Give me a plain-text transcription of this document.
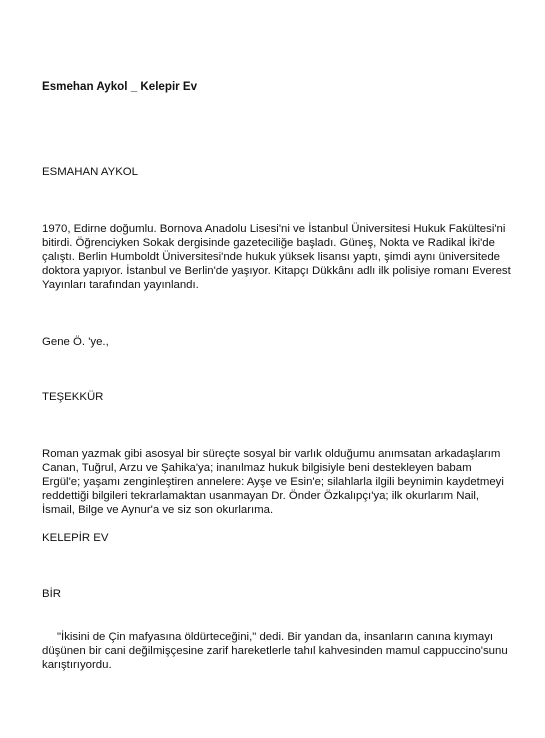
Esmehan Aykol _ Kelepir Ev

ESMAHAN AYKOL

1970, Edirne doğumlu. Bornova Anadolu Lisesi'ni ve İstanbul Üniversitesi Hukuk Fakültesi'ni bitirdi. Öğrenciyken Sokak dergisinde gazeteciliğe başladı. Güneş, Nokta ve Radikal İki'de çalıştı. Berlin Humboldt Üniversitesi'nde hukuk yüksek lisansı yaptı, şimdi aynı üniversitede doktora yapıyor. İstanbul ve Berlin'de yaşıyor. Kitapçı Dükkânı adlı ilk polisiye romanı Everest Yayınları tarafından yayınlandı.

Gene Ö. 'ye.,

TEŞEKKÜR

Roman yazmak gibi asosyal bir süreçte sosyal bir varlık olduğumu anımsatan arkadaşlarım Canan, Tuğrul, Arzu ve Şahika'ya; inanılmaz hukuk bilgisiyle beni destekleyen babam Ergül'e; yaşamı zenginleştiren annelere: Ayşe ve Esin'e; silahlarla ilgili beynimin kaydetmeyi reddettiği bilgileri tekrarlamaktan usanmayan Dr. Önder Özkalıpçı'ya; ilk okurlarım Nail, İsmail, Bilge ve Aynur'a ve siz son okurlarıma.

KELEPİR EV

BİR

"İkisini de Çin mafyasına öldürteceğini," dedi. Bir yandan da, insanların canına kıymayı düşünen bir cani değilmişçesine zarif hareketlerle tahıl kahvesinden mamul cappuccino'sunu karıştırıyordu.
